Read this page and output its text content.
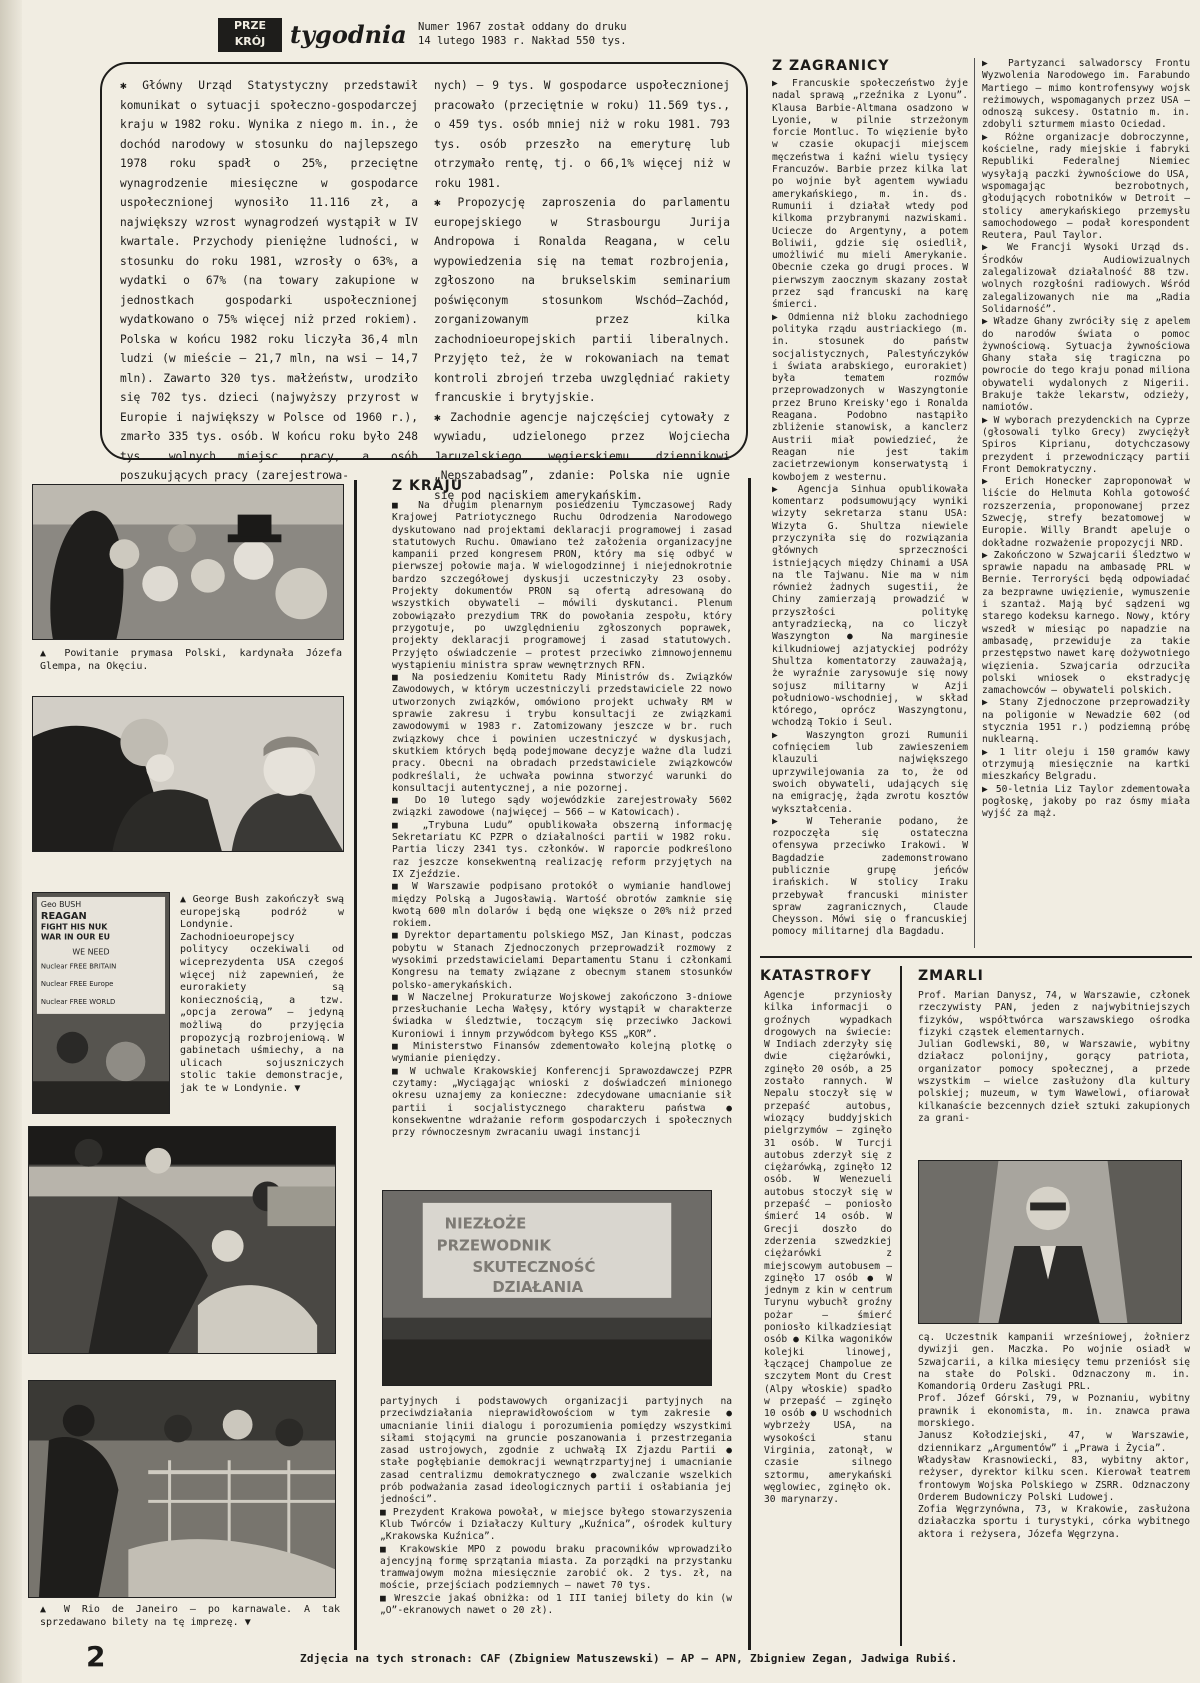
PRZE
KRÓJ	tygodnia Numer 1967 został oddany do druku
14 lutego 1983 r. Nakład 550 tys.
✱ Główny Urząd Statystyczny przedstawił komunikat o sytuacji społeczno-gospodarczej kraju w 1982 roku. Wynika z niego m. in., że dochód narodowy w stosunku do najlepszego 1978 roku spadł o 25%, przeciętne wynagrodzenie miesięczne w gospodarce uspołecznionej wynosiło 11.116 zł, a największy wzrost wynagrodzeń wystąpił w IV kwartale. Przychody pieniężne ludności, w stosunku do roku 1981, wzrosły o 63%, a wydatki o 67% (na towary zakupione w jednostkach gospodarki uspołecznionej wydatkowano o 75% więcej niż przed rokiem). Polska w końcu 1982 roku liczyła 36,4 mln ludzi (w mieście — 21,7 mln, na wsi — 14,7 mln). Zawarto 320 tys. małżeństw, urodziło się 702 tys. dzieci (najwyższy przyrost w Europie i największy w Polsce od 1960 r.), zmarło 335 tys. osób. W końcu roku było 248 tys. wolnych miejsc pracy, a osób poszukujących pracy (zarejestrowa-
nych) — 9 tys. W gospodarce uspołecznionej pracowało (przeciętnie w roku) 11.569 tys., o 459 tys. osób mniej niż w roku 1981. 793 tys. osób przeszło na emeryturę lub otrzymało rentę, tj. o 66,1% więcej niż w roku 1981.
✱ Propozycję zaproszenia do parlamentu europejskiego w Strasbourgu Jurija Andropowa i Ronalda Reagana, w celu wypowiedzenia się na temat rozbrojenia, zgłoszono na brukselskim seminarium poświęconym stosunkom Wschód—Zachód, zorganizowanym przez kilka zachodnioeuropejskich partii liberalnych. Przyjęto też, że w rokowaniach na temat kontroli zbrojeń trzeba uwzględniać rakiety francuskie i brytyjskie.
✱ Zachodnie agencje najczęściej cytowały z wywiadu, udzielonego przez Wojciecha Jaruzelskiego węgierskiemu dziennikowi „Nepszabadsag”, zdanie: Polska nie ugnie się pod naciskiem amerykańskim.
Z ZAGRANICY
▶ Francuskie społeczeństwo żyje nadal sprawą „rzeźnika z Lyonu”. Klausa Barbie-Altmana osadzono w Lyonie, w pilnie strzeżonym forcie Montluc. To więzienie było w czasie okupacji miejscem męczeństwa i kaźni wielu tysięcy Francuzów. Barbie przez kilka lat po wojnie był agentem wywiadu amerykańskiego, m. in. ds. Rumunii i działał wtedy pod kilkoma przybranymi nazwiskami. Uciecze do Argentyny, a potem Boliwii, gdzie się osiedlił, umożliwić mu mieli Amerykanie. Obecnie czeka go drugi proces. W pierwszym zaocznym skazany został przez sąd francuski na karę śmierci.
▶ Odmienna niż bloku zachodniego polityka rządu austriackiego (m. in. stosunek do państw socjalistycznych, Palestyńczyków i świata arabskiego, eurorakiet) była tematem rozmów przeprowadzonych w Waszyngtonie przez Bruno Kreisky'ego i Ronalda Reagana. Podobno nastąpiło zbliżenie stanowisk, a kanclerz Austrii miał powiedzieć, że Reagan nie jest takim zacietrzewionym konserwatystą i kowbojem z westernu.
▶ Agencja Sinhua opublikowała komentarz podsumowujący wyniki wizyty sekretarza stanu USA: Wizyta G. Shultza niewiele przyczyniła się do rozwiązania głównych sprzeczności istniejących między Chinami a USA na tle Tajwanu. Nie ma w nim również żadnych sugestii, że Chiny zamierzają prowadzić w przyszłości politykę antyradziecką, na co liczył Waszyngton ● Na marginesie kilkudniowej azjatyckiej podróży Shultza komentatorzy zauważają, że wyraźnie zarysowuje się nowy sojusz militarny w Azji południowo-wschodniej, w skład którego, oprócz Waszyngtonu, wchodzą Tokio i Seul.
▶ Waszyngton grozi Rumunii cofnięciem lub zawieszeniem klauzuli największego uprzywilejowania za to, że od swoich obywateli, udających się na emigrację, żąda zwrotu kosztów wykształcenia.
▶ W Teheranie podano, że rozpoczęła się ostateczna ofensywa przeciwko Irakowi. W Bagdadzie zademonstrowano publicznie grupę jeńców irańskich. W stolicy Iraku przebywał francuski minister spraw zagranicznych, Claude Cheysson. Mówi się o francuskiej pomocy militarnej dla Bagdadu.
▶ Partyzanci salwadorscy Frontu Wyzwolenia Narodowego im. Farabundo Martiego — mimo kontrofensywy wojsk reżimowych, wspomaganych przez USA — odnoszą sukcesy. Ostatnio m. in. zdobyli szturmem miasto Ociedad.
▶ Różne organizacje dobroczynne, kościelne, rady miejskie i fabryki Republiki Federalnej Niemiec wysyłają paczki żywnościowe do USA, wspomagając bezrobotnych, głodujących robotników w Detroit — stolicy amerykańskiego przemysłu samochodowego — podał korespondent Reutera, Paul Taylor.
▶ We Francji Wysoki Urząd ds. Środków Audiowizualnych zalegalizował działalność 88 tzw. wolnych rozgłośni radiowych. Wśród zalegalizowanych nie ma „Radia Solidarność”.
▶ Władze Ghany zwróciły się z apelem do narodów świata o pomoc żywnościową. Sytuacja żywnościowa Ghany stała się tragiczna po powrocie do tego kraju ponad miliona obywateli wydalonych z Nigerii. Brakuje także lekarstw, odzieży, namiotów.
▶ W wyborach prezydenckich na Cyprze (głosowali tylko Grecy) zwyciężył Spiros Kiprianu, dotychczasowy prezydent i przewodniczący partii Front Demokratyczny.
▶ Erich Honecker zaproponował w liście do Helmuta Kohla gotowość rozszerzenia, proponowanej przez Szwecję, strefy bezatomowej w Europie. Willy Brandt apeluje o dokładne rozważenie propozycji NRD.
▶ Zakończono w Szwajcarii śledztwo w sprawie napadu na ambasadę PRL w Bernie. Terroryści będą odpowiadać za bezprawne uwięzienie, wymuszenie i szantaż. Mają być sądzeni wg starego kodeksu karnego. Nowy, który wszedł w miesiąc po napadzie na ambasadę, przewiduje za takie przestępstwo nawet karę dożywotniego więzienia. Szwajcaria odrzuciła polski wniosek o ekstradycję zamachowców — obywateli polskich.
▶ Stany Zjednoczone przeprowadziły na poligonie w Newadzie 602 (od stycznia 1951 r.) podziemną próbę nuklearną.
▶ 1 litr oleju i 150 gramów kawy otrzymują miesięcznie na kartki mieszkańcy Belgradu.
▶ 50-letnia Liz Taylor zdementowała pogłoskę, jakoby po raz ósmy miała wyjść za mąż.
Z KRAJU
■ Na drugim plenarnym posiedzeniu Tymczasowej Rady Krajowej Patriotycznego Ruchu Odrodzenia Narodowego dyskutowano nad projektami deklaracji programowej i zasad statutowych Ruchu. Omawiano też założenia organizacyjne kampanii przed kongresem PRON, który ma się odbyć w pierwszej połowie maja. W wielogodzinnej i niejednokrotnie bardzo szczegółowej dyskusji uczestniczyły 23 osoby. Projekty dokumentów PRON są ofertą adresowaną do wszystkich obywateli — mówili dyskutanci. Plenum zobowiązało prezydium TRK do powołania zespołu, który przygotuje, po uwzględnieniu zgłoszonych poprawek, projekty deklaracji programowej i zasad statutowych. Przyjęto oświadczenie — protest przeciwko zimnowojennemu wystąpieniu ministra spraw wewnętrznych RFN.
■ Na posiedzeniu Komitetu Rady Ministrów ds. Związków Zawodowych, w którym uczestniczyli przedstawiciele 22 nowo utworzonych związków, omówiono projekt uchwały RM w sprawie zakresu i trybu konsultacji ze związkami zawodowymi w 1983 r. Zatomizowany jeszcze w br. ruch związkowy chce i powinien uczestniczyć w dyskusjach, skutkiem których będą podejmowane decyzje ważne dla ludzi pracy. Obecni na obradach przedstawiciele związkowców podkreślali, że uchwała powinna stworzyć warunki do konsultacji autentycznej, a nie pozornej.
■ Do 10 lutego sądy wojewódzkie zarejestrowały 5602 związki zawodowe (najwięcej — 566 — w Katowicach).
■ „Trybuna Ludu” opublikowała obszerną informację Sekretariatu KC PZPR o działalności partii w 1982 roku. Partia liczy 2341 tys. członków. W raporcie podkreślono raz jeszcze konsekwentną realizację reform przyjętych na IX Zjeździe.
■ W Warszawie podpisano protokół o wymianie handlowej między Polską a Jugosławią. Wartość obrotów zamknie się kwotą 600 mln dolarów i będą one większe o 20% niż przed rokiem.
■ Dyrektor departamentu polskiego MSZ, Jan Kinast, podczas pobytu w Stanach Zjednoczonych przeprowadził rozmowy z wysokimi przedstawicielami Departamentu Stanu i członkami Kongresu na tematy związane z obecnym stanem stosunków polsko-amerykańskich.
■ W Naczelnej Prokuraturze Wojskowej zakończono 3-dniowe przesłuchanie Lecha Wałęsy, który wystąpił w charakterze świadka w śledztwie, toczącym się przeciwko Jackowi Kuroniowi i innym przywódcom byłego KSS „KOR”.
■ Ministerstwo Finansów zdementowało kolejną plotkę o wymianie pieniędzy.
■ W uchwale Krakowskiej Konferencji Sprawozdawczej PZPR czytamy: „Wyciągając wnioski z doświadczeń minionego okresu uznajemy za konieczne: zdecydowane umacnianie sił partii i socjalistycznego charakteru państwa ● konsekwentne wdrażanie reform gospodarczych i społecznych przy równoczesnym zwracaniu uwagi instancji
NIEZŁOŻE
PRZEWODNIK
SKUTECZNOŚĆ
DZIAŁANIA
partyjnych i podstawowych organizacji partyjnych na przeciwdziałania nieprawidłowościom w tym zakresie ● umacnianie linii dialogu i porozumienia pomiędzy wszystkimi siłami stojącymi na gruncie poszanowania i przestrzegania zasad ustrojowych, zgodnie z uchwałą IX Zjazdu Partii ● stałe pogłębianie demokracji wewnątrzpartyjnej i umacnianie zasad centralizmu demokratycznego ● zwalczanie wszelkich prób podważania zasad ideologicznych partii i osłabiania jej jedności”.
■ Prezydent Krakowa powołał, w miejsce byłego stowarzyszenia Klub Twórców i Działaczy Kultury „Kuźnica”, ośrodek kultury „Krakowska Kuźnica”.
■ Krakowskie MPO z powodu braku pracowników wprowadziło ajencyjną formę sprzątania miasta. Za porządki na przystanku tramwajowym można miesięcznie zarobić ok. 2 tys. zł, na moście, przejściach podziemnych — nawet 70 tys.
■ Wreszcie jakaś obniżka: od 1 III taniej bilety do kin (w „O”-ekranowych nawet o 20 zł).
KATASTROFY
Agencje przyniosły kilka informacji o groźnych wypadkach drogowych na świecie: W Indiach zderzyły się dwie ciężarówki, zginęło 20 osób, a 25 zostało rannych. W Nepalu stoczył się w przepaść autobus, wiozący buddyjskich pielgrzymów — zginęło 31 osób. W Turcji autobus zderzył się z ciężarówką, zginęło 12 osób. W Wenezueli autobus stoczył się w przepaść — poniosło śmierć 14 osób. W Grecji doszło do zderzenia szwedzkiej ciężarówki z miejscowym autobusem — zginęło 17 osób ● W jednym z kin w centrum Turynu wybuchł groźny pożar — śmierć poniosło kilkadziesiąt osób ● Kilka wagoników kolejki linowej, łączącej Champolue ze szczytem Mont du Crest (Alpy włoskie) spadło w przepaść — zginęło 10 osób ● U wschodnich wybrzeży USA, na wysokości stanu Virginia, zatonął, w czasie silnego sztormu, amerykański węglowiec, zginęło ok. 30 marynarzy.
ZMARLI
Prof. Marian Danysz, 74, w Warszawie, członek rzeczywisty PAN, jeden z najwybitniejszych fizyków, współtwórca warszawskiego ośrodka fizyki cząstek elementarnych.
Julian Godlewski, 80, w Warszawie, wybitny działacz polonijny, gorący patriota, organizator pomocy społecznej, a przede wszystkim — wielce zasłużony dla kultury polskiej; muzeum, w tym Wawelowi, ofiarował kilkanaście bezcennych dzieł sztuki zakupionych za grani-
cą. Uczestnik kampanii wrześniowej, żołnierz dywizji gen. Maczka. Po wojnie osiadł w Szwajcarii, a kilka miesięcy temu przeniósł się na stałe do Polski. Odznaczony m. in. Komandorią Orderu Zasługi PRL.
Prof. Józef Górski, 79, w Poznaniu, wybitny prawnik i ekonomista, m. in. znawca prawa morskiego.
Janusz Kołodziejski, 47, w Warszawie, dziennikarz „Argumentów” i „Prawa i Życia”.
Władysław Krasnowiecki, 83, wybitny aktor, reżyser, dyrektor kilku scen. Kierował teatrem frontowym Wojska Polskiego w ZSRR. Odznaczony Orderem Budowniczy Polski Ludowej.
Zofia Węgrzynówna, 73, w Krakowie, zasłużona działaczka sportu i turystyki, córka wybitnego aktora i reżysera, Józefa Węgrzyna.
▲ Powitanie prymasa Polski, kardynała Józefa Glempa, na Okęciu.
Geo BUSH
REAGAN
FIGHT HIS NUK
WAR IN OUR EU
WE NEED
Nuclear FREE BRITAIN
Nuclear FREE Europe
Nuclear FREE WORLD
▲ George Bush zakończył swą europejską podróż w Londynie. Zachodnioeuropejscy politycy oczekiwali od wiceprezydenta USA czegoś więcej niż zapewnień, że eurorakiety są koniecznością, a tzw. „opcja zerowa” — jedyną możliwą do przyjęcia propozycją rozbrojeniową. W gabinetach uśmiechy, a na ulicach sojuszniczych stolic takie demonstracje, jak te w Londynie. ▼
▲ W Rio de Janeiro — po karnawale. A tak sprzedawano bilety na tę imprezę. ▼
2	Zdjęcia na tych stronach: CAF (Zbigniew Matuszewski) — AP — APN, Zbigniew Zegan, Jadwiga Rubiś.
